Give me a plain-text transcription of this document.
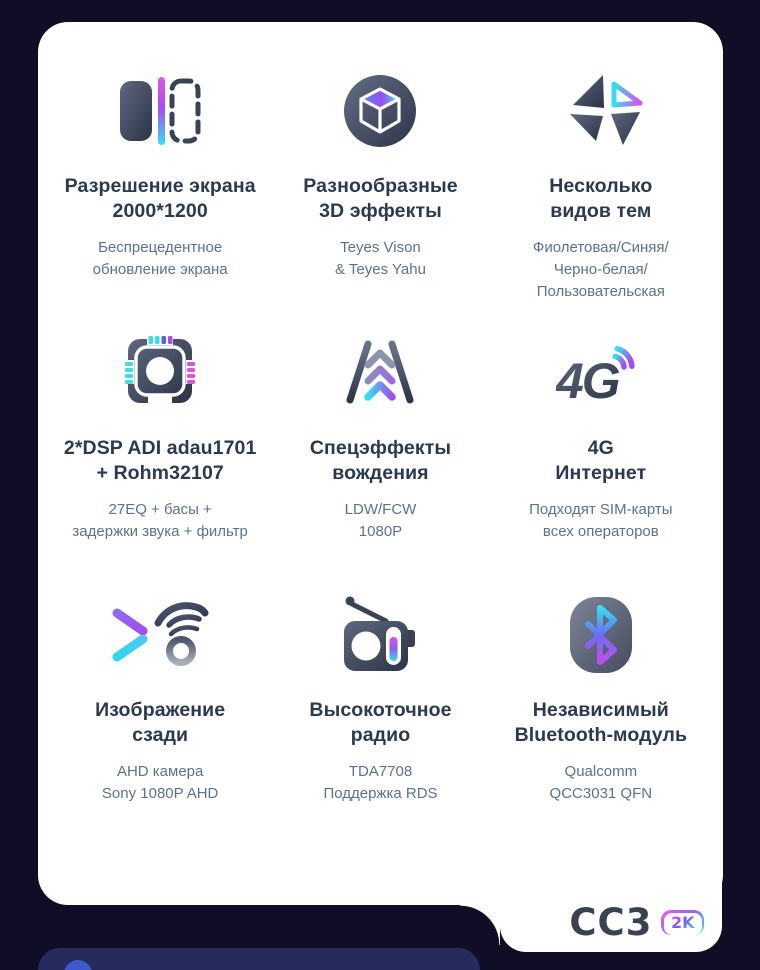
Разрешение экрана
2000*1200
Беспрецедентное
обновление экрана
Разнообразные
3D эффекты
Teyes Vison
& Teyes Yahu
Несколько
видов тем
Фиолетовая/Синяя/
Черно-белая/
Пользовательская
2*DSP ADI adau1701
+ Rohm32107
27EQ + басы +
задержки звука + фильтр
Спецэффекты
вождения
LDW/FCW
1080P
4G
4G
Интернет
Подходят SIM-карты
всех операторов
Изображение
сзади
AHD камера
Sony 1080P AHD
Высокоточное
радио
TDA7708
Поддержка RDS
Независимый
Bluetooth-модуль
Qualcomm
QCC3031 QFN
CC3	2K
